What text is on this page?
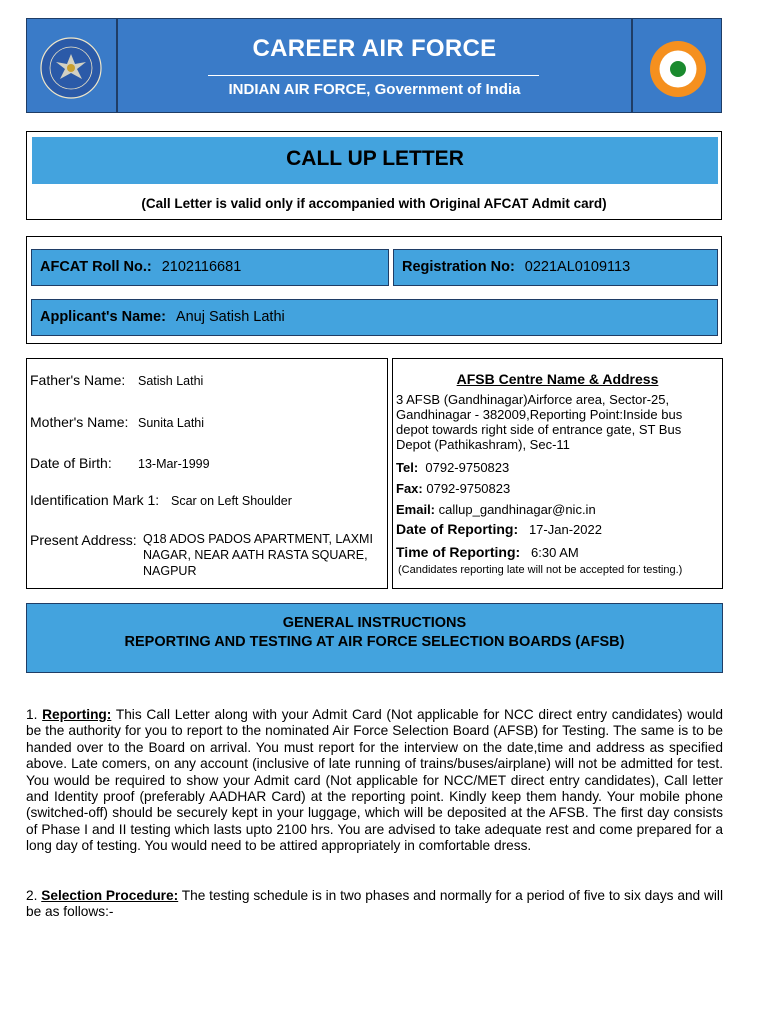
CAREER AIR FORCE
INDIAN AIR FORCE, Government of India
CALL UP LETTER
(Call Letter is valid only if accompanied with Original AFCAT Admit card)
AFCAT Roll No.: 2102116681	Registration No: 0221AL0109113
Applicant's Name: Anuj Satish Lathi
Father's Name: Satish Lathi
Mother's Name: Sunita Lathi
Date of Birth: 13-Mar-1999
Identification Mark 1: Scar on Left Shoulder
Present Address: Q18 ADOS PADOS APARTMENT, LAXMI NAGAR, NEAR AATH RASTA SQUARE, NAGPUR
AFSB Centre Name & Address
3 AFSB (Gandhinagar)Airforce area, Sector-25, Gandhinagar - 382009,Reporting Point:Inside bus depot towards right side of entrance gate, ST Bus Depot (Pathikashram), Sec-11
Tel: 0792-9750823
Fax: 0792-9750823
Email: callup_gandhinagar@nic.in
Date of Reporting: 17-Jan-2022
Time of Reporting: 6:30 AM
(Candidates reporting late will not be accepted for testing.)
GENERAL INSTRUCTIONS
REPORTING AND TESTING AT AIR FORCE SELECTION BOARDS (AFSB)
1. Reporting: This Call Letter along with your Admit Card (Not applicable for NCC direct entry candidates) would be the authority for you to report to the nominated Air Force Selection Board (AFSB) for Testing. The same is to be handed over to the Board on arrival. You must report for the interview on the date,time and address as specified above. Late comers, on any account (inclusive of late running of trains/buses/airplane) will not be admitted for test. You would be required to show your Admit card (Not applicable for NCC/MET direct entry candidates), Call letter and Identity proof (preferably AADHAR Card) at the reporting point. Kindly keep them handy. Your mobile phone (switched-off) should be securely kept in your luggage, which will be deposited at the AFSB. The first day consists of Phase I and II testing which lasts upto 2100 hrs. You are advised to take adequate rest and come prepared for a long day of testing. You would need to be attired appropriately in comfortable dress.
2. Selection Procedure: The testing schedule is in two phases and normally for a period of five to six days and will be as follows:-
